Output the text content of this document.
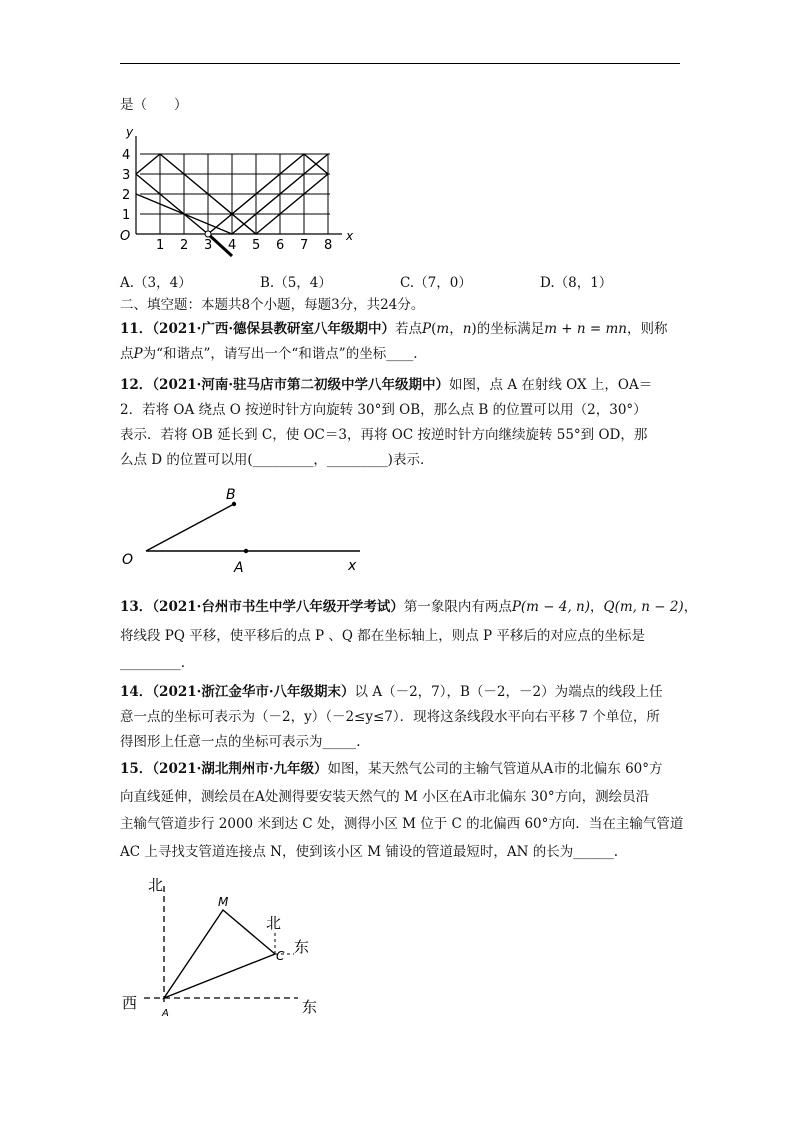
是（　　）
O	x
y
1 2 3 4 5 6 7 8
1
2
3
4
A.（3，4）	B.（5，4）	C.（7，0）	D.（8，1）
二、填空题：本题共8个小题，每题3分，共24分。
11．（2021·广西·德保县教研室八年级期中）若点P(m，n)的坐标满足m + n = mn，则称
点P为“和谐点”，请写出一个“和谐点”的坐标____.
12．（2021·河南·驻马店市第二初级中学八年级期中）如图，点 A 在射线 OX 上，OA＝
2．若将 OA 绕点 O 按逆时针方向旋转 30°到 OB，那么点 B 的位置可以用（2，30°）
表示．若将 OB 延长到 C，使 OC＝3，再将 OC 按逆时针方向继续旋转 55°到 OD，那
么点 D 的位置可以用(_________，_________)表示．
B
O	A	x
13．（2021·台州市书生中学八年级开学考试）第一象限内有两点P(m − 4, n)，Q(m, n − 2)，
将线段 PQ 平移，使平移后的点 P 、Q 都在坐标轴上，则点 P 平移后的对应点的坐标是
_________.
14．（2021·浙江金华市·八年级期末）以 A（－2，7），B（－2，－2）为端点的线段上任
意一点的坐标可表示为（－2，y）（－2≤y≤7）．现将这条线段水平向右平移 7 个单位，所
得图形上任意一点的坐标可表示为_____.
15．（2021·湖北荆州市·九年级）如图，某天然气公司的主输气管道从A市的北偏东 60°方
向直线延伸，测绘员在A处测得要安装天然气的 M 小区在A市北偏东 30°方向，测绘员沿
主输气管道步行 2000 米到达 C 处，测得小区 M 位于 C 的北偏西 60°方向．当在主输气管道
AC 上寻找支管道连接点 N，使到该小区 M 铺设的管道最短时，AN 的长为______.
北
西	东
北
东
M
C
A
